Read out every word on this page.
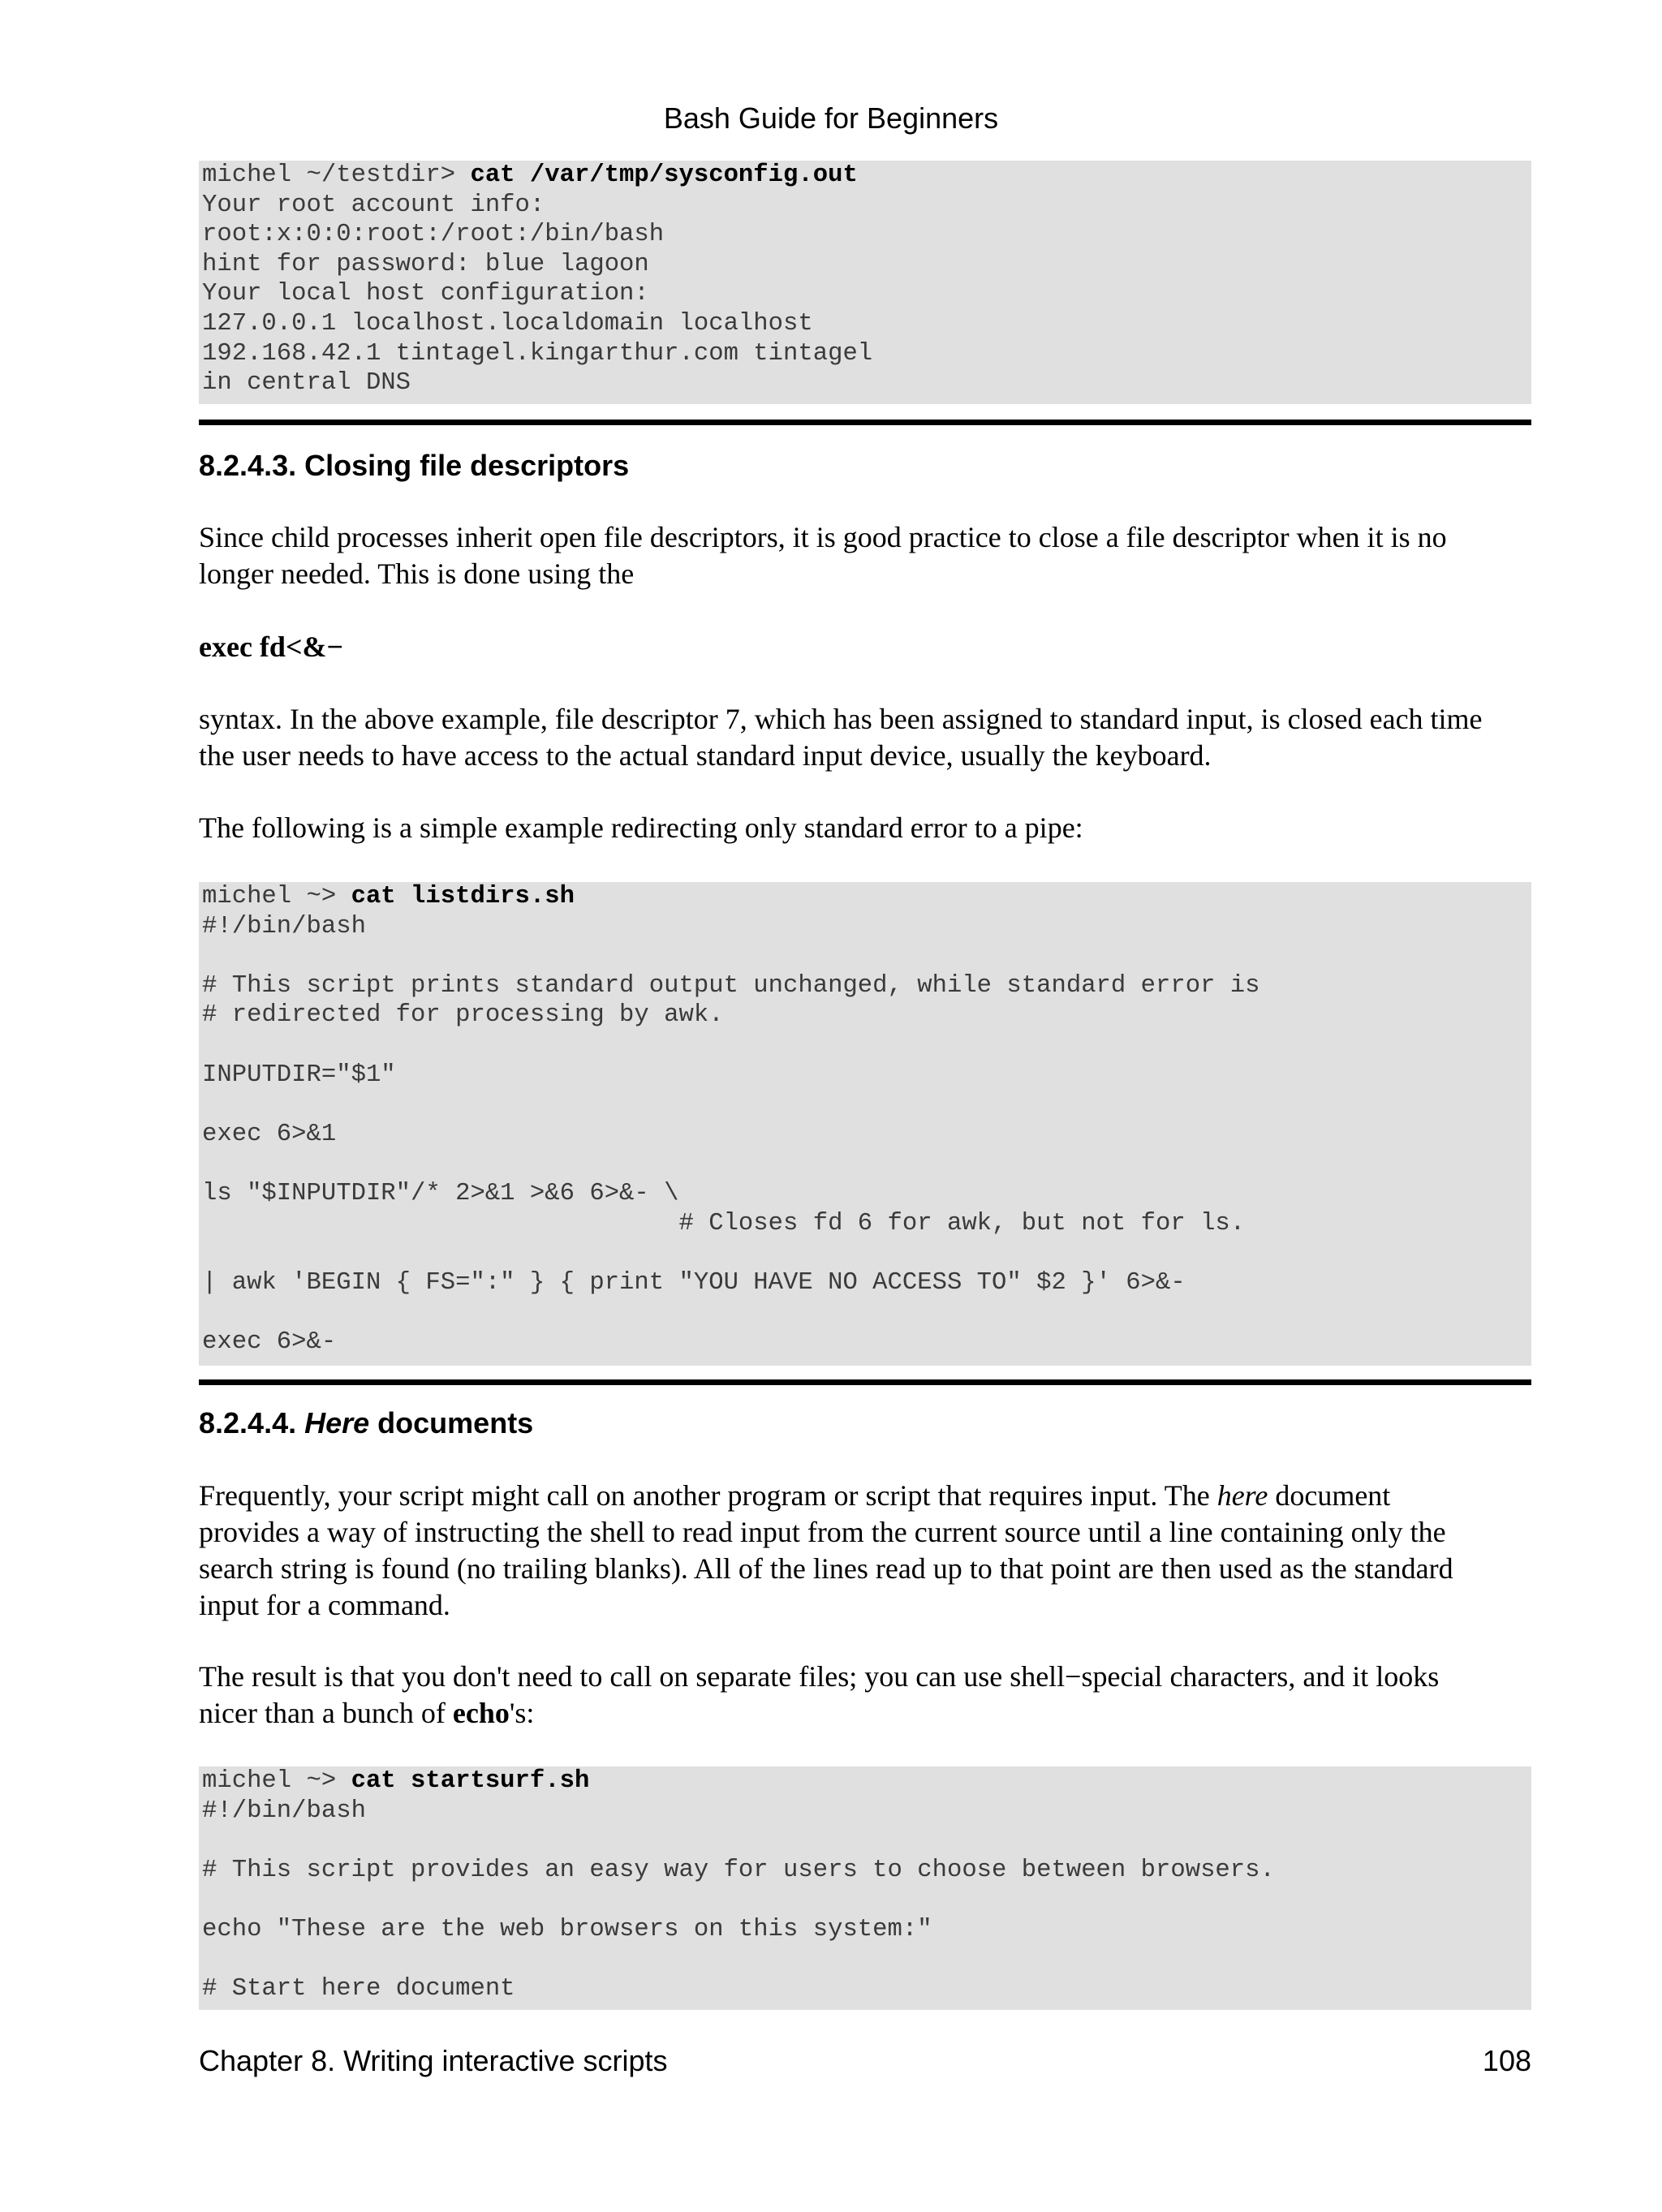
Bash Guide for Beginners
michel ~/testdir> cat /var/tmp/sysconfig.out
Your root account info:
root:x:0:0:root:/root:/bin/bash
hint for password: blue lagoon
Your local host configuration:
127.0.0.1 localhost.localdomain localhost
192.168.42.1 tintagel.kingarthur.com tintagel
in central DNS
8.2.4.3. Closing file descriptors
Since child processes inherit open file descriptors, it is good practice to close a file descriptor when it is no
longer needed. This is done using the
exec fd<&−
syntax. In the above example, file descriptor 7, which has been assigned to standard input, is closed each time
the user needs to have access to the actual standard input device, usually the keyboard.
The following is a simple example redirecting only standard error to a pipe:
michel ~> cat listdirs.sh
#!/bin/bash
# This script prints standard output unchanged, while standard error is
# redirected for processing by awk.
INPUTDIR="$1"
exec 6>&1
ls "$INPUTDIR"/* 2>&1 >&6 6>&- \
# Closes fd 6 for awk, but not for ls.
| awk 'BEGIN { FS=":" } { print "YOU HAVE NO ACCESS TO" $2 }' 6>&-
exec 6>&-
8.2.4.4. Here documents
Frequently, your script might call on another program or script that requires input. The here document
provides a way of instructing the shell to read input from the current source until a line containing only the
search string is found (no trailing blanks). All of the lines read up to that point are then used as the standard
input for a command.
The result is that you don't need to call on separate files; you can use shell−special characters, and it looks
nicer than a bunch of echo's:
michel ~> cat startsurf.sh
#!/bin/bash
# This script provides an easy way for users to choose between browsers.
echo "These are the web browsers on this system:"
# Start here document
Chapter 8. Writing interactive scripts	108
